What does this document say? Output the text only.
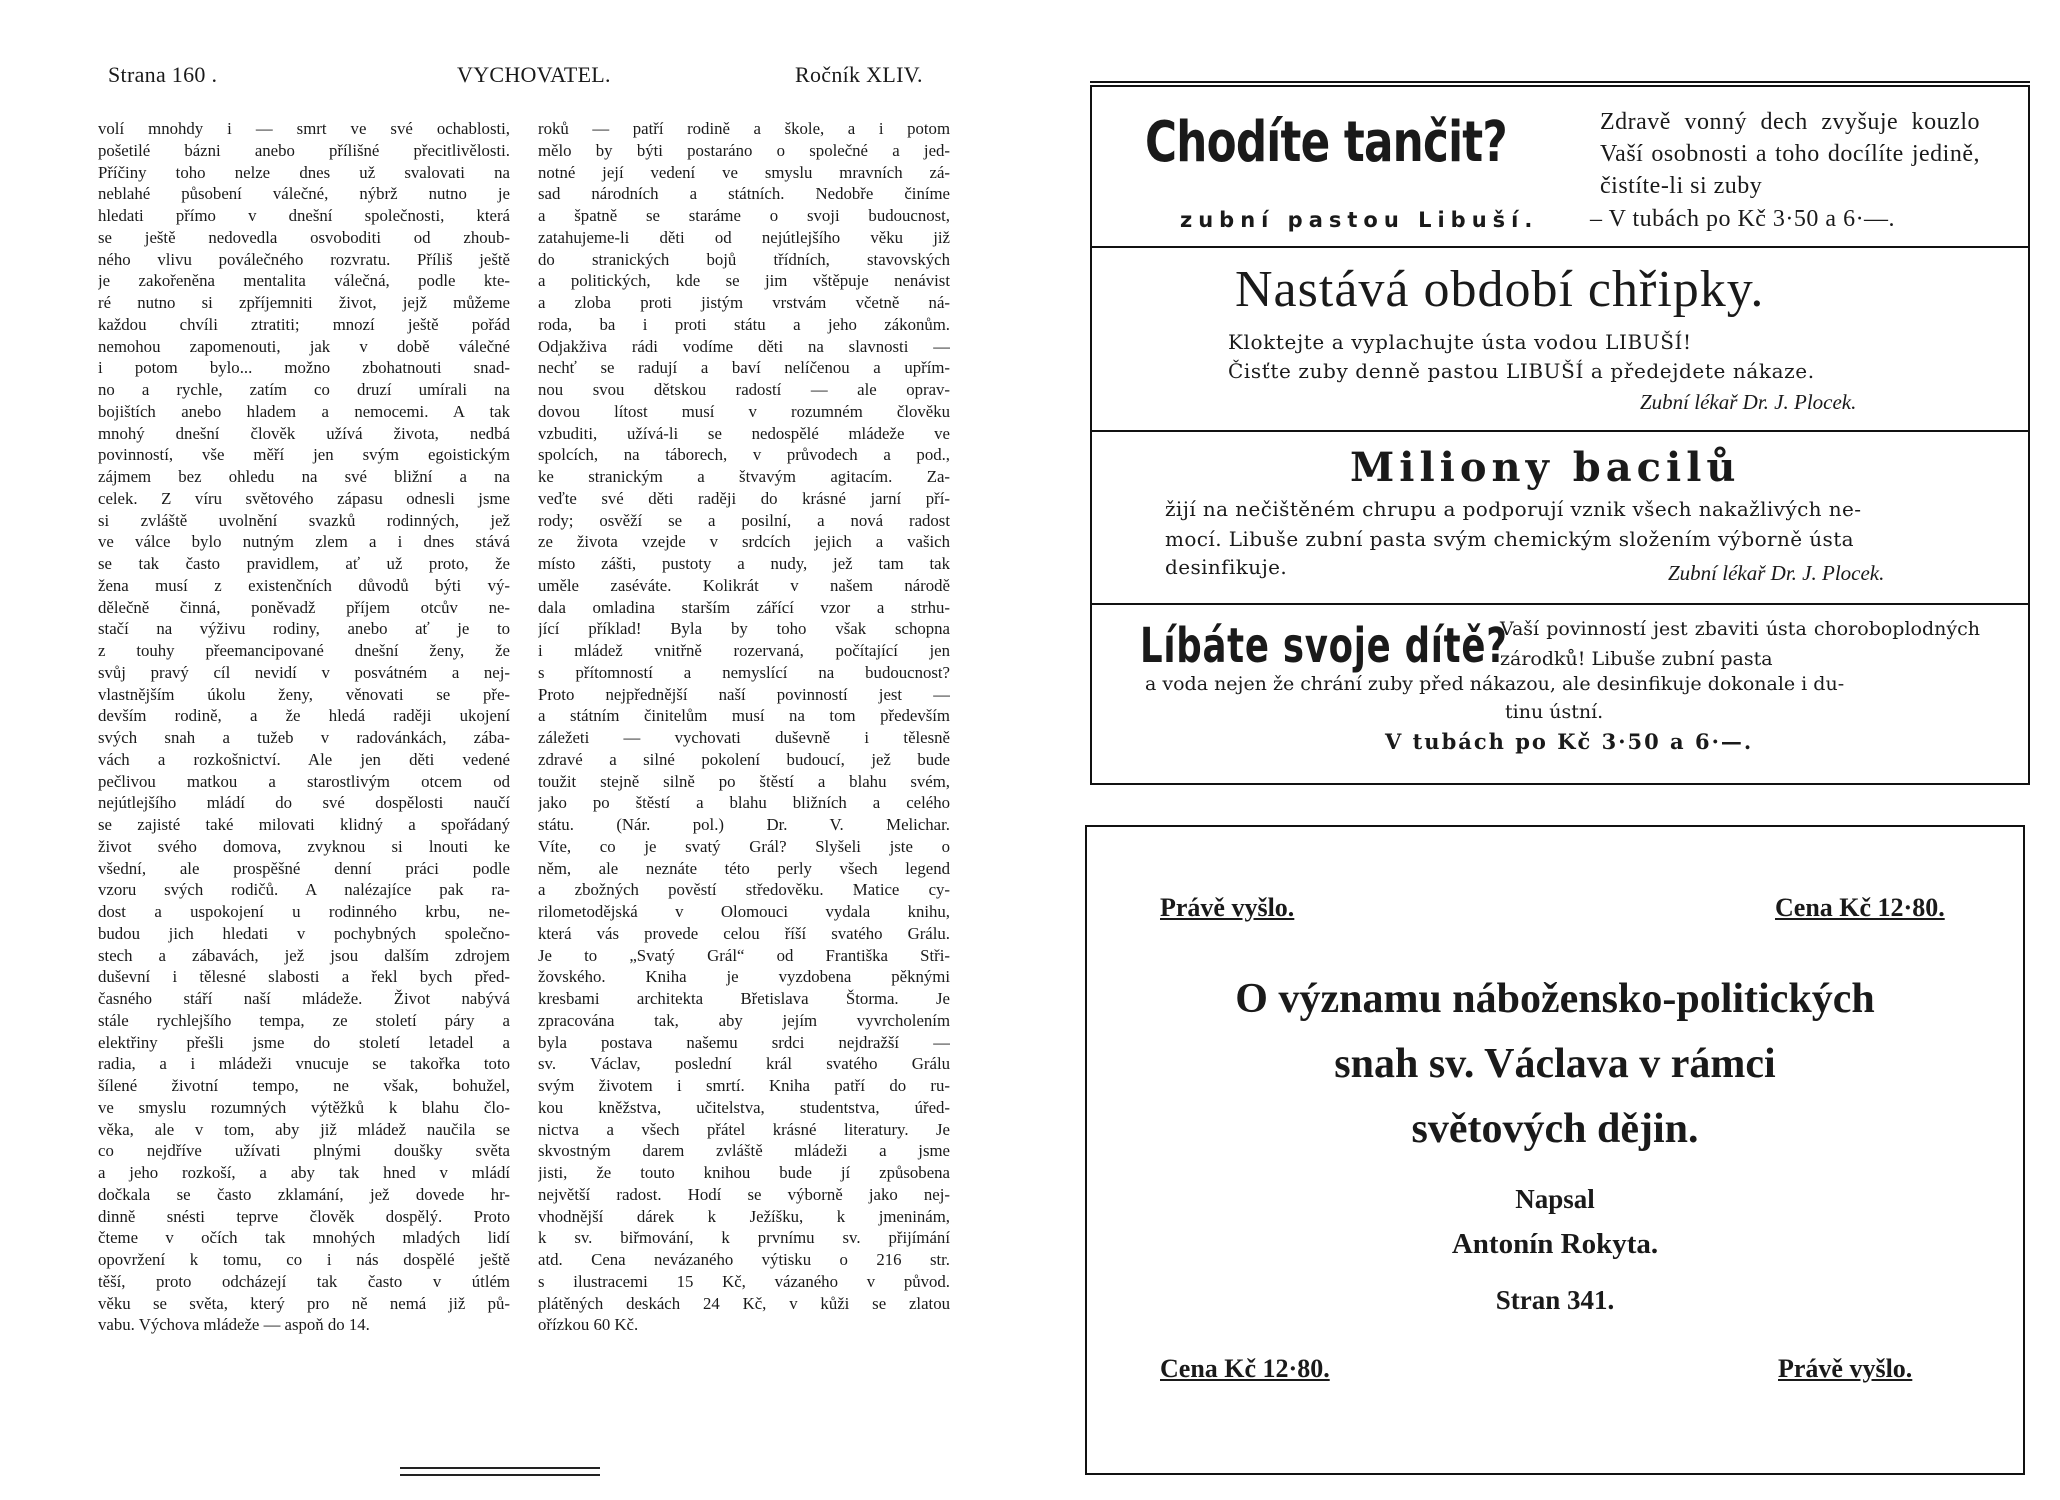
Strana 160 .	VYCHOVATEL.	Ročník XLIV.
volí mnohdy i — smrt ve své ochablosti,
pošetilé bázni anebo přílišné přecitlivělosti.
Příčiny toho nelze dnes už svalovati na
neblahé působení válečné, nýbrž nutno je
hledati přímo v dnešní společnosti, která
se ještě nedovedla osvoboditi od zhoub-
ného vlivu poválečného rozvratu. Příliš ještě
je zakořeněna mentalita válečná, podle kte-
ré nutno si zpříjemniti život, jejž můžeme
každou chvíli ztratiti; mnozí ještě pořád
nemohou zapomenouti, jak v době válečné
i potom bylo... možno zbohatnouti snad-
no a rychle, zatím co druzí umírali na
bojištích anebo hladem a nemocemi. A tak
mnohý dnešní člověk užívá života, nedbá
povinností, vše měří jen svým egoistickým
zájmem bez ohledu na své bližní a na
celek. Z víru světového zápasu odnesli jsme
si zvláště uvolnění svazků rodinných, jež
ve válce bylo nutným zlem a i dnes stává
se tak často pravidlem, ať už proto, že
žena musí z existenčních důvodů býti vý-
dělečně činná, poněvadž příjem otcův ne-
stačí na výživu rodiny, anebo ať je to
z touhy přeemancipované dnešní ženy, že
svůj pravý cíl nevidí v posvátném a nej-
vlastnějším úkolu ženy, věnovati se pře-
devším rodině, a že hledá raději ukojení
svých snah a tužeb v radovánkách, zába-
vách a rozkošnictví. Ale jen děti vedené
pečlivou matkou a starostlivým otcem od
nejútlejšího mládí do své dospělosti naučí
se zajisté také milovati klidný a spořádaný
život svého domova, zvyknou si lnouti ke
všední, ale prospěšné denní práci podle
vzoru svých rodičů. A nalézajíce pak ra-
dost a uspokojení u rodinného krbu, ne-
budou jich hledati v pochybných společno-
stech a zábavách, jež jsou dalším zdrojem
duševní i tělesné slabosti a řekl bych před-
časného stáří naší mládeže. Život nabývá
stále rychlejšího tempa, ze století páry a
elektřiny přešli jsme do století letadel a
radia, a i mládeži vnucuje se takořka toto
šílené životní tempo, ne však, bohužel,
ve smyslu rozumných výtěžků k blahu člo-
věka, ale v tom, aby již mládež naučila se
co nejdříve užívati plnými doušky světa
a jeho rozkoší, a aby tak hned v mládí
dočkala se často zklamání, jež dovede hr-
dinně snésti teprve člověk dospělý. Proto
čteme v očích tak mnohých mladých lidí
opovržení k tomu, co i nás dospělé ještě
těší, proto odcházejí tak často v útlém
věku se světa, který pro ně nemá již pů-
vabu. Výchova mládeže — aspoň do 14.
roků — patří rodině a škole, a i potom
mělo by býti postaráno o společné a jed-
notné její vedení ve smyslu mravních zá-
sad národních a státních. Nedobře činíme
a špatně se staráme o svoji budoucnost,
zatahujeme-li děti od nejútlejšího věku již
do stranických bojů třídních, stavovských
a politických, kde se jim vštěpuje nenávist
a zloba proti jistým vrstvám včetně ná-
roda, ba i proti státu a jeho zákonům.
Odjakživa rádi vodíme děti na slavnosti —
nechť se radují a baví nelíčenou a upřím-
nou svou dětskou radostí — ale oprav-
dovou lítost musí v rozumném člověku
vzbuditi, užívá-li se nedospělé mládeže ve
spolcích, na táborech, v průvodech a pod.,
ke stranickým a štvavým agitacím. Za-
veďte své děti raději do krásné jarní pří-
rody; osvěží se a posilní, a nová radost
ze života vzejde v srdcích jejich a vašich
místo zášti, pustoty a nudy, jež tam tak
uměle zaséváte. Kolikrát v našem národě
dala omladina starším zářící vzor a strhu-
jící příklad! Byla by toho však schopna
i mládež vnitřně rozervaná, počítající jen
s přítomností a nemyslící na budoucnost?
Proto nejpřednější naší povinností jest —
a státním činitelům musí na tom především
záležeti — vychovati duševně i tělesně
zdravé a silné pokolení budoucí, jež bude
toužit stejně silně po štěstí a blahu svém,
jako po štěstí a blahu bližních a celého
státu. (Nár. pol.) Dr. V. Melichar.
Víte, co je svatý Grál? Slyšeli jste o
něm, ale neznáte této perly všech legend
a zbožných pověstí středověku. Matice cy-
rilometodějská v Olomouci vydala knihu,
která vás provede celou říší svatého Grálu.
Je to „Svatý Grál“ od Františka Stři-
žovského. Kniha je vyzdobena pěknými
kresbami architekta Břetislava Štorma. Je
zpracována tak, aby jejím vyvrcholením
byla postava našemu srdci nejdražší —
sv. Václav, poslední král svatého Grálu
svým životem i smrtí. Kniha patří do ru-
kou kněžstva, učitelstva, studentstva, úřed-
nictva a všech přátel krásné literatury. Je
skvostným darem zvláště mládeži a jsme
jisti, že touto knihou bude jí způsobena
největší radost. Hodí se výborně jako nej-
vhodnější dárek k Ježíšku, k jmeninám,
k sv. biřmování, k prvnímu sv. přijímání
atd. Cena nevázaného výtisku o 216 str.
s ilustracemi 15 Kč, vázaného v původ.
plátěných deskách 24 Kč, v kůži se zlatou
ořízkou 60 Kč.
Chodíte tančit?	Zdravě vonný dech zvyšuje kouzlo Vaší osobnosti a toho docílíte jedině, čistíte-li si zuby
zubní pastou Libuší. – V tubách po Kč 3·50 a 6·—.
Nastává období chřipky.
Kloktejte a vyplachujte ústa vodou LIBUŠÍ!
Čisťte zuby denně pastou LIBUŠÍ a předejdete nákaze.
Zubní lékař Dr. J. Plocek.
Miliony bacilů
žijí na nečištěném chrupu a podporují vznik všech nakažlivých ne-
mocí. Libuše zubní pasta svým chemickým složením výborně ústa
desinfikuje.	Zubní lékař Dr. J. Plocek.
Líbáte svoje dítě?
Vaší povinností jest zbaviti ústa choroboplodných zárodků! Libuše zubní pasta
a voda nejen že chrání zuby před nákazou, ale desinfikuje dokonale i du-
tinu ústní.
V tubách po Kč 3·50 a 6·—.
Právě vyšlo.	Cena Kč 12·80.
O významu nábožensko-politických
snah sv. Václava v rámci
světových dějin.
Napsal
Antonín Rokyta.
Stran 341.
Cena Kč 12·80.	Právě vyšlo.
